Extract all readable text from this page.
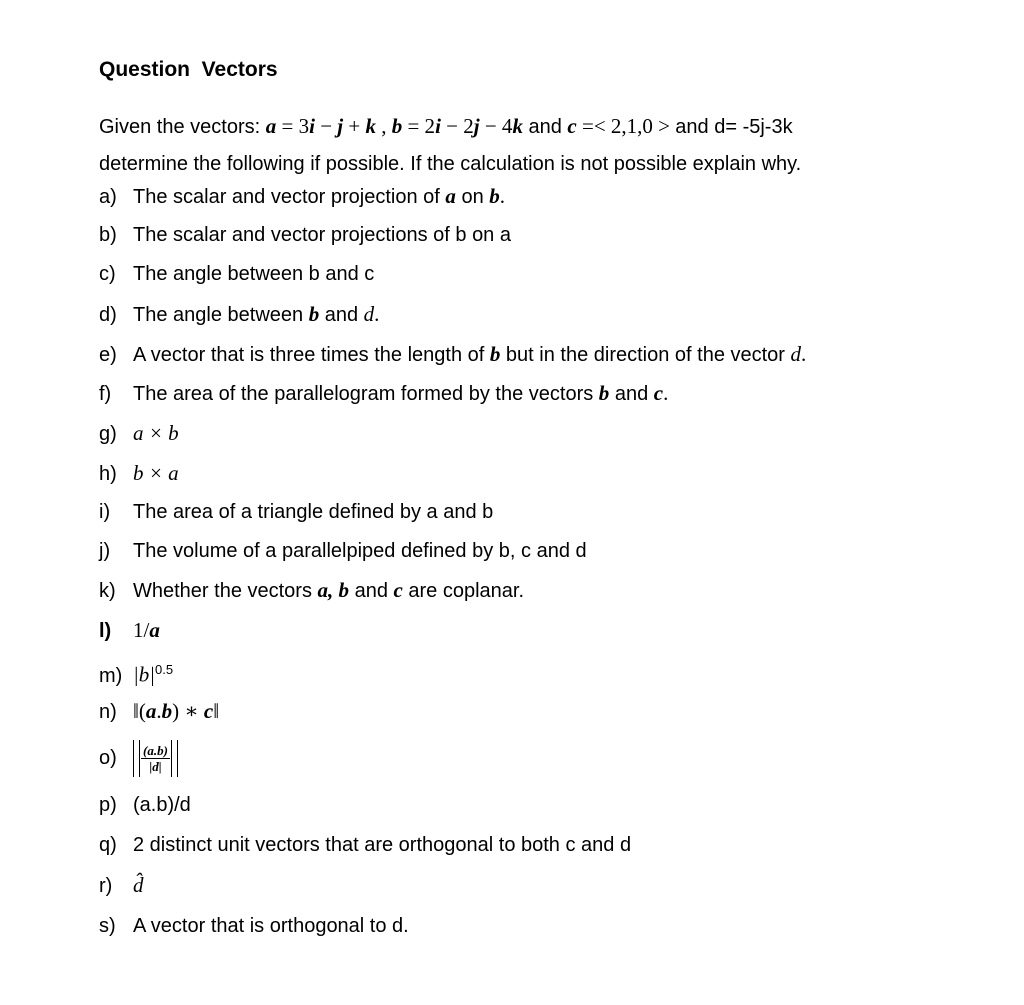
Question  Vectors
Given the vectors: a = 3i − j + k , b = 2i − 2j − 4k and c =< 2,1,0 > and d= -5j-3k
determine the following if possible. If the calculation is not possible explain why.
a) The scalar and vector projection of a on b.
b) The scalar and vector projections of b on a
c) The angle between b and c
d) The angle between b and d.
e) A vector that is three times the length of b but in the direction of the vector d.
f) The area of the parallelogram formed by the vectors b and c.
g) a × b
h) b × a
i) The area of a triangle defined by a and b
j) The volume of a parallelpiped defined by b, c and d
k) Whether the vectors a, b and c are coplanar.
l) 1/a
m) $|b|^{0.5}$
n) ‖(a.b) ∗ c‖
$o) \frac{(a.b)}{|d|}$
p) (a.b)/d
q) 2 distinct unit vectors that are orthogonal to both c and d
r) d̂
s) A vector that is orthogonal to d.
